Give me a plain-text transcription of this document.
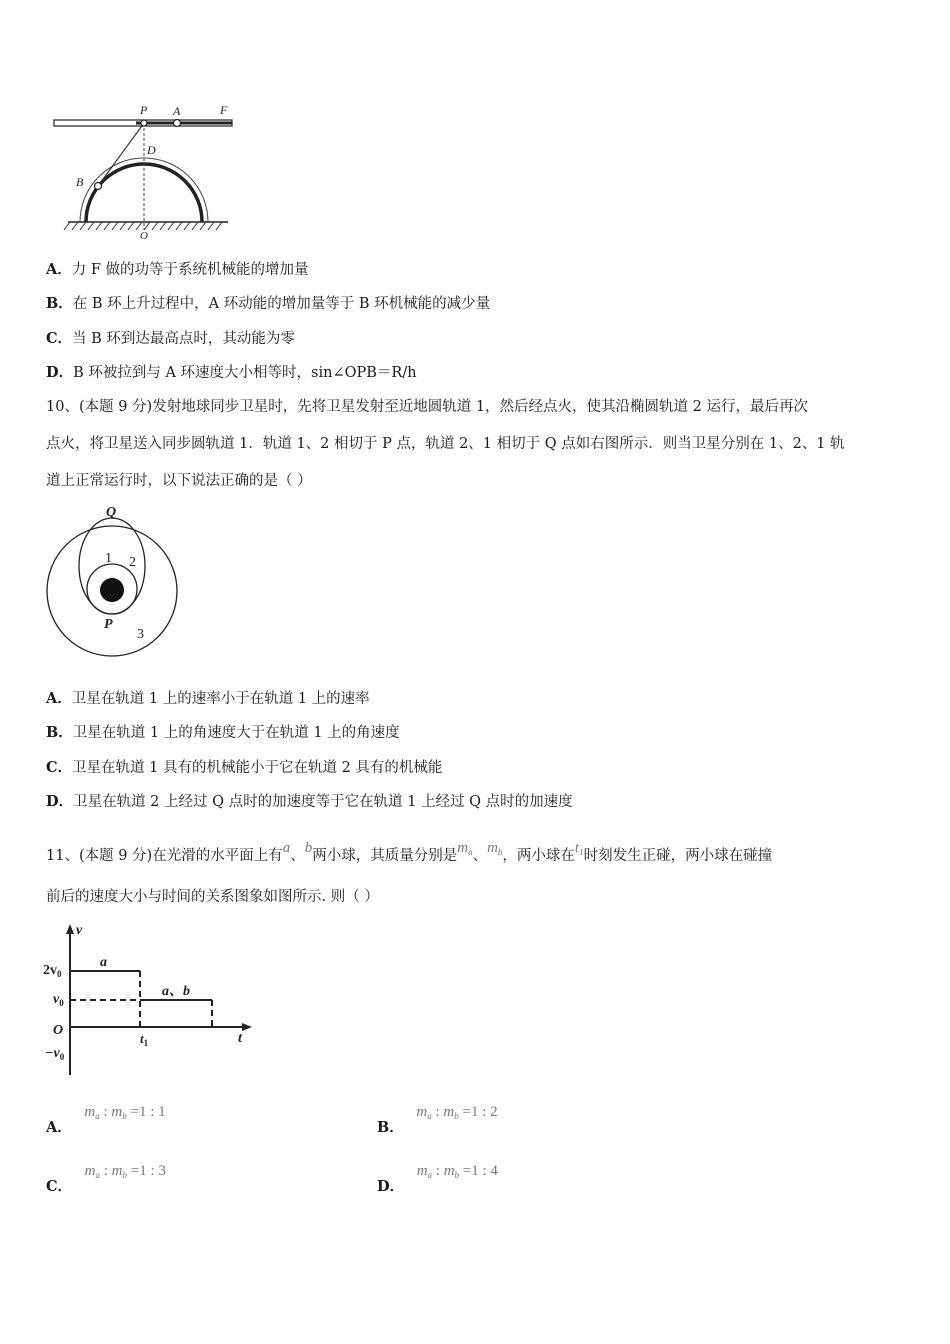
P A	F
D
B
O
A．力 F 做的功等于系统机械能的增加量
B．在 B 环上升过程中，A 环动能的增加量等于 B 环机械能的减少量
C．当 B 环到达最高点时，其动能为零
D．B 环被拉到与 A 环速度大小相等时，sin∠OPB＝R/h
10、(本题 9 分)发射地球同步卫星时，先将卫星发射至近地圆轨道 1，然后经点火，使其沿椭圆轨道 2 运行，最后再次
点火，将卫星送入同步圆轨道 1．轨道 1、2 相切于 P 点，轨道 2、1 相切于 Q 点如右图所示．则当卫星分别在 1、2、1 轨
道上正常运行时，以下说法正确的是（ ）
Q
1 2
P
3
A．卫星在轨道 1 上的速率小于在轨道 1 上的速率
B．卫星在轨道 1 上的角速度大于在轨道 1 上的角速度
C．卫星在轨道 1 具有的机械能小于它在轨道 2 具有的机械能
D．卫星在轨道 2 上经过 Q 点时的加速度等于它在轨道 1 上经过 Q 点时的加速度
11、(本题 9 分)在光滑的水平面上有a、b两小球，其质量分别是$m_a$、$m_b$，两小球在$t_1$时刻发生正碰，两小球在碰撞
前后的速度大小与时间的关系图象如图所示. 则（ ）
v
t
O
$2v_0$
$v_0$
$-v_0$
$t_1$
a
a、b
A． $m_a$ : $m_b =1$ : 1
B． $m_a$ : $m_b =1$ : 2
C． $m_a$ : $m_b =1$ : 3
D． $m_a$ : $m_b =1$ : 4
